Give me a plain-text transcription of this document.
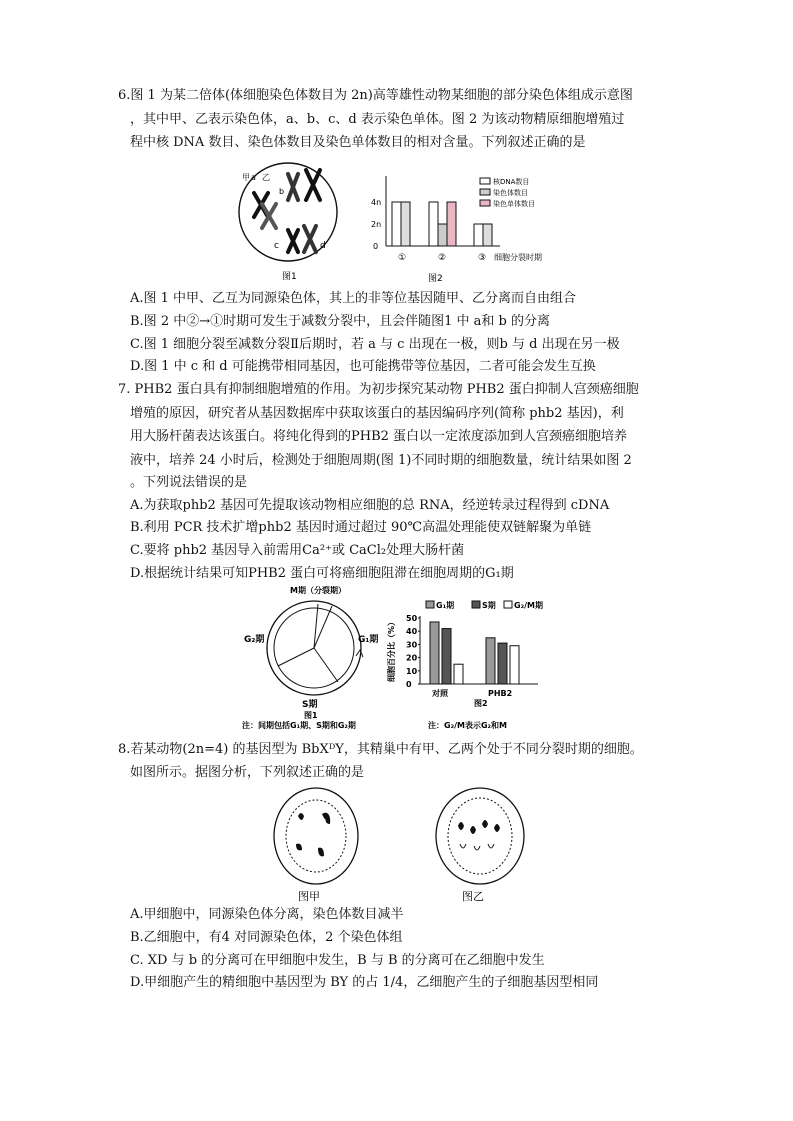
6.图 1 为某二倍体(体细胞染色体数目为 2n)高等雄性动物某细胞的部分染色体组成示意图
，其中甲、乙表示染色体，a、b、c、d 表示染色单体。图 2 为该动物精原细胞增殖过
程中核 DNA 数目、染色体数目及染色单体数目的相对含量。下列叙述正确的是
甲 a 乙
b
c	d
图1
4n
2n
0
①	②	③ 细胞分裂时期
核DNA数目
染色体数目
染色单体数目
图2
A.图 1 中甲、乙互为同源染色体，其上的非等位基因随甲、乙分离而自由组合
B.图 2 中②→①时期可发生于减数分裂中，且会伴随图1 中 a和 b 的分离
C.图 1 细胞分裂至减数分裂Ⅱ后期时，若 a 与 c 出现在一极，则b 与 d 出现在另一极
D.图 1 中 c 和 d 可能携带相同基因，也可能携带等位基因，二者可能会发生互换
7. PHB2 蛋白具有抑制细胞增殖的作用。为初步探究某动物 PHB2 蛋白抑制人宫颈癌细胞
增殖的原因，研究者从基因数据库中获取该蛋白的基因编码序列(简称 phb2 基因)，利
用大肠杆菌表达该蛋白。将纯化得到的PHB2 蛋白以一定浓度添加到人宫颈癌细胞培养
液中，培养 24 小时后，检测处于细胞周期(图 1)不同时期的细胞数量，统计结果如图 2
。下列说法错误的是
A.为获取phb2 基因可先提取该动物相应细胞的总 RNA，经逆转录过程得到 cDNA
B.利用 PCR 技术扩增phb2 基因时通过超过 90℃高温处理能使双链解聚为单链
C.要将 phb2 基因导入前需用Ca²⁺或 CaCl₂处理大肠杆菌
D.根据统计结果可知PHB2 蛋白可将癌细胞阻滞在细胞周期的G₁期
M期（分裂期）
G₂期	G₁期
S期
图1
注：间期包括G₁期、S期和G₂期
细胞百分比（%） 50
40
30
20
10
0
对照	PHB2
图2
注：G₂/M表示G₂和M
G₁期	S期 G₂/M期
8.若某动物(2n=4) 的基因型为 BbXᴰY，其精巢中有甲、乙两个处于不同分裂时期的细胞。
如图所示。据图分析，下列叙述正确的是
图甲	图乙
A.甲细胞中，同源染色体分离，染色体数目减半
B.乙细胞中，有4 对同源染色体，2 个染色体组
C. XD 与 b 的分离可在甲细胞中发生，B 与 B 的分离可在乙细胞中发生
D.甲细胞产生的精细胞中基因型为 BY 的占 1/4，乙细胞产生的子细胞基因型相同
